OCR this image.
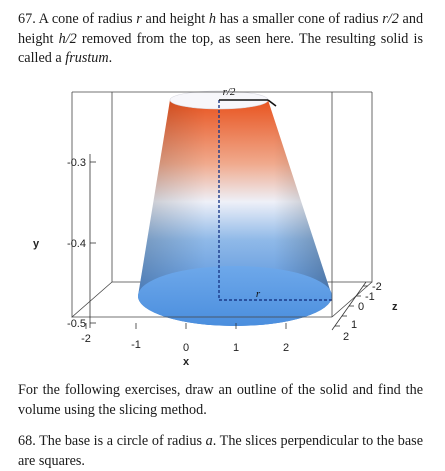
67. A cone of radius r and height h has a smaller cone of radius r/2 and height h/2 removed from the top, as seen here. The resulting solid is called a frustum.
r/2
r
-0.3
-0.4
-0.5
y
-2	-1	0	1	2
x
-2
-1
0
1
2
z
For the following exercises, draw an outline of the solid and find the volume using the slicing method.
68. The base is a circle of radius a. The slices perpendicular to the base are squares.
